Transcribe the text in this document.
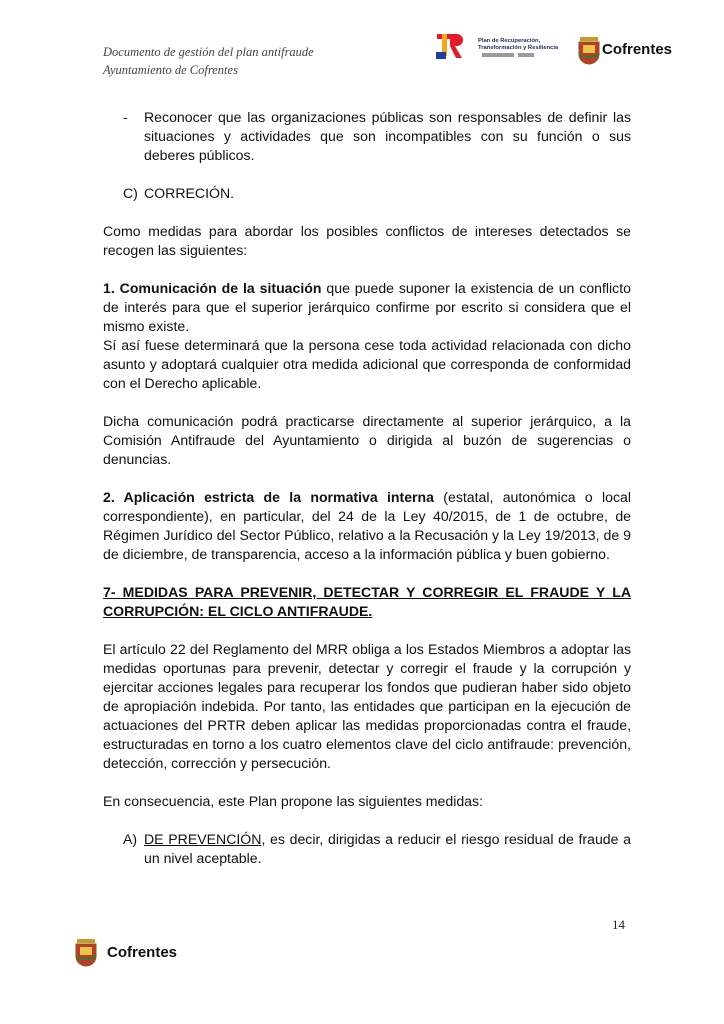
Documento de gestión del plan antifraude
Ayuntamiento de Cofrentes
Plan de Recuperación,
Transformación y Resiliencia	Cofrentes
- Reconocer que las organizaciones públicas son responsables de definir las situaciones y actividades que son incompatibles con su función o sus deberes públicos.

C) CORRECIÓN.

Como medidas para abordar los posibles conflictos de intereses detectados se recogen las siguientes:

1. Comunicación de la situación que puede suponer la existencia de un conflicto de interés para que el superior jerárquico confirme por escrito si considera que el mismo existe.

Sí así fuese determinará que la persona cese toda actividad relacionada con dicho asunto y adoptará cualquier otra medida adicional que corresponda de conformidad con el Derecho aplicable.

Dicha comunicación podrá practicarse directamente al superior jerárquico, a la Comisión Antifraude del Ayuntamiento o dirigida al buzón de sugerencias o denuncias.

2. Aplicación estricta de la normativa interna (estatal, autonómica o local correspondiente), en particular, del 24 de la Ley 40/2015, de 1 de octubre, de Régimen Jurídico del Sector Público, relativo a la Recusación y la Ley 19/2013, de 9 de diciembre, de transparencia, acceso a la información pública y buen gobierno.

7- MEDIDAS PARA PREVENIR, DETECTAR Y CORREGIR EL FRAUDE Y LA CORRUPCIÓN: EL CICLO ANTIFRAUDE.

El artículo 22 del Reglamento del MRR obliga a los Estados Miembros a adoptar las medidas oportunas para prevenir, detectar y corregir el fraude y la corrupción y ejercitar acciones legales para recuperar los fondos que pudieran haber sido objeto de apropiación indebida. Por tanto, las entidades que participan en la ejecución de actuaciones del PRTR deben aplicar las medidas proporcionadas contra el fraude, estructuradas en torno a los cuatro elementos clave del ciclo antifraude: prevención, detección, corrección y persecución.

En consecuencia, este Plan propone las siguientes medidas:

A) DE PREVENCIÓN, es decir, dirigidas a reducir el riesgo residual de fraude a un nivel aceptable.

14
Cofrentes
